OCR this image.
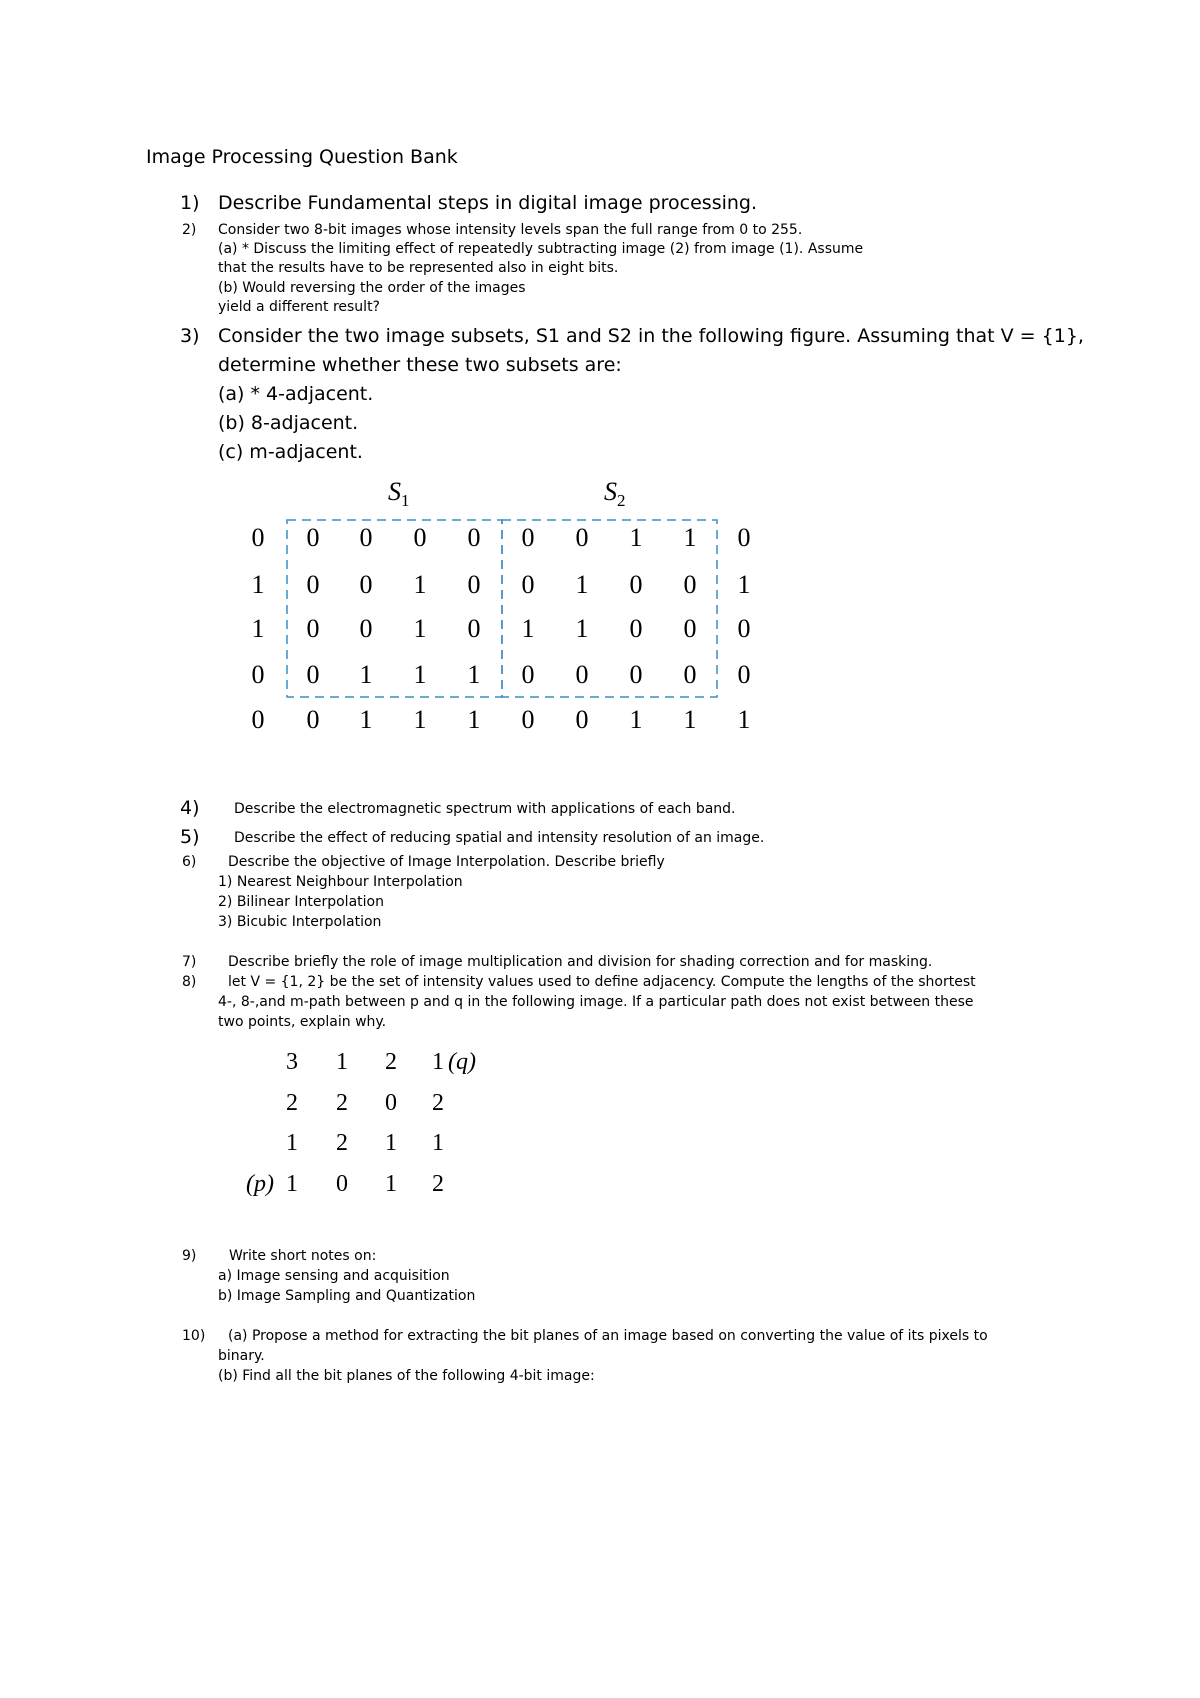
Image Processing Question Bank
1) Describe Fundamental steps in digital image processing.
2) Consider two 8-bit images whose intensity levels span the full range from 0 to 255.
(a) * Discuss the limiting effect of repeatedly subtracting image (2) from image (1). Assume
that the results have to be represented also in eight bits.
(b) Would reversing the order of the images
yield a different result?
3) Consider the two image subsets, S1 and S2 in the following figure. Assuming that V = {1},
determine whether these two subsets are:
(a) * 4-adjacent.
(b) 8-adjacent.
(c) m-adjacent.
$S_1$	$S_2$
0 0 0 0 0 0 0 1 1 0
1 0 0 1 0 0 1 0 0 1
1 0 0 1 0 1 1 0 0 0
0 0 1 1 1 0 0 0 0 0
0 0 1 1 1 0 0 1 1 1
4) Describe the electromagnetic spectrum with applications of each band.
5) Describe the effect of reducing spatial and intensity resolution of an image.
6) Describe the objective of Image Interpolation. Describe briefly
1) Nearest Neighbour Interpolation
2) Bilinear Interpolation
3) Bicubic Interpolation
7) Describe briefly the role of image multiplication and division for shading correction and for masking.
8) let V = {1, 2} be the set of intensity values used to define adjacency. Compute the lengths of the shortest
4-, 8-,and m-path between p and q in the following image. If a particular path does not exist between these
two points, explain why.
3 1 2 1
2 2 0 2
1 2 1 1
1 0 1 2
(q)
(p)
9) Write short notes on:
a) Image sensing and acquisition
b) Image Sampling and Quantization
10) (a) Propose a method for extracting the bit planes of an image based on converting the value of its pixels to
binary.
(b) Find all the bit planes of the following 4-bit image:
